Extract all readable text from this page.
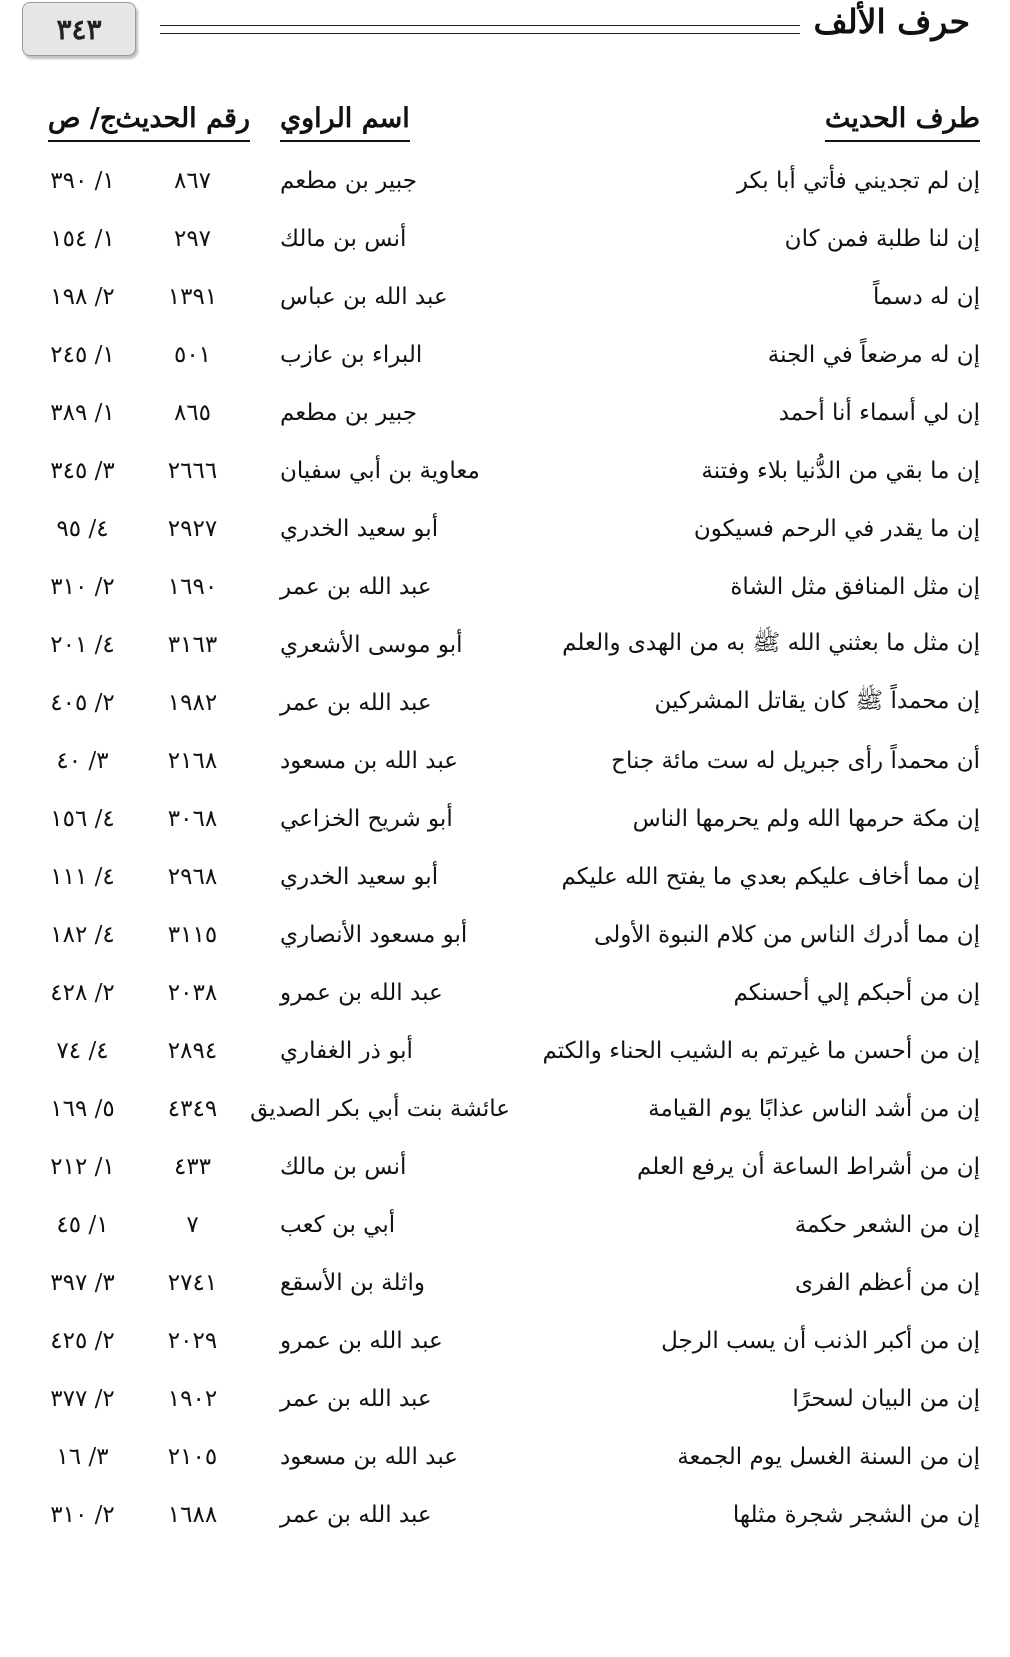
٣٤٣	حرف الألف
طرف الحديث	اسم الراوي	رقم الحديث	ج/ ص
إن لم تجديني فأتي أبا بكر	جبير بن مطعم	٨٦٧	١/ ٣٩٠
إن لنا طلبة فمن كان	أنس بن مالك	٢٩٧	١/ ١٥٤
إن له دسماً	عبد الله بن عباس	١٣٩١	٢/ ١٩٨
إن له مرضعاً في الجنة	البراء بن عازب	٥٠١	١/ ٢٤٥
إن لي أسماء أنا أحمد	جبير بن مطعم	٨٦٥	١/ ٣٨٩
إن ما بقي من الدُّنيا بلاء وفتنة	معاوية بن أبي سفيان	٢٦٦٦	٣/ ٣٤٥
إن ما يقدر في الرحم فسيكون	أبو سعيد الخدري	٢٩٢٧	٤/ ٩٥
إن مثل المنافق مثل الشاة	عبد الله بن عمر	١٦٩٠	٢/ ٣١٠
إن مثل ما بعثني الله ﷺ به من الهدى والعلم	أبو موسى الأشعري	٣١٦٣	٤/ ٢٠١
إن محمداً ﷺ كان يقاتل المشركين	عبد الله بن عمر	١٩٨٢	٢/ ٤٠٥
أن محمداً رأى جبريل له ست مائة جناح	عبد الله بن مسعود	٢١٦٨	٣/ ٤٠
إن مكة حرمها الله ولم يحرمها الناس	أبو شريح الخزاعي	٣٠٦٨	٤/ ١٥٦
إن مما أخاف عليكم بعدي ما يفتح الله عليكم	أبو سعيد الخدري	٢٩٦٨	٤/ ١١١
إن مما أدرك الناس من كلام النبوة الأولى	أبو مسعود الأنصاري	٣١١٥	٤/ ١٨٢
إن من أحبكم إلي أحسنكم	عبد الله بن عمرو	٢٠٣٨	٢/ ٤٢٨
إن من أحسن ما غيرتم به الشيب الحناء والكتم	أبو ذر الغفاري	٢٨٩٤	٤/ ٧٤
إن من أشد الناس عذابًا يوم القيامة	عائشة بنت أبي بكر الصديق	٤٣٤٩	٥/ ١٦٩
إن من أشراط الساعة أن يرفع العلم	أنس بن مالك	٤٣٣	١/ ٢١٢
إن من الشعر حكمة	أبي بن كعب	٧	١/ ٤٥
إن من أعظم الفرى	واثلة بن الأسقع	٢٧٤١	٣/ ٣٩٧
إن من أكبر الذنب أن يسب الرجل	عبد الله بن عمرو	٢٠٢٩	٢/ ٤٢٥
إن من البيان لسحرًا	عبد الله بن عمر	١٩٠٢	٢/ ٣٧٧
إن من السنة الغسل يوم الجمعة	عبد الله بن مسعود	٢١٠٥	٣/ ١٦
إن من الشجر شجرة مثلها	عبد الله بن عمر	١٦٨٨	٢/ ٣١٠
